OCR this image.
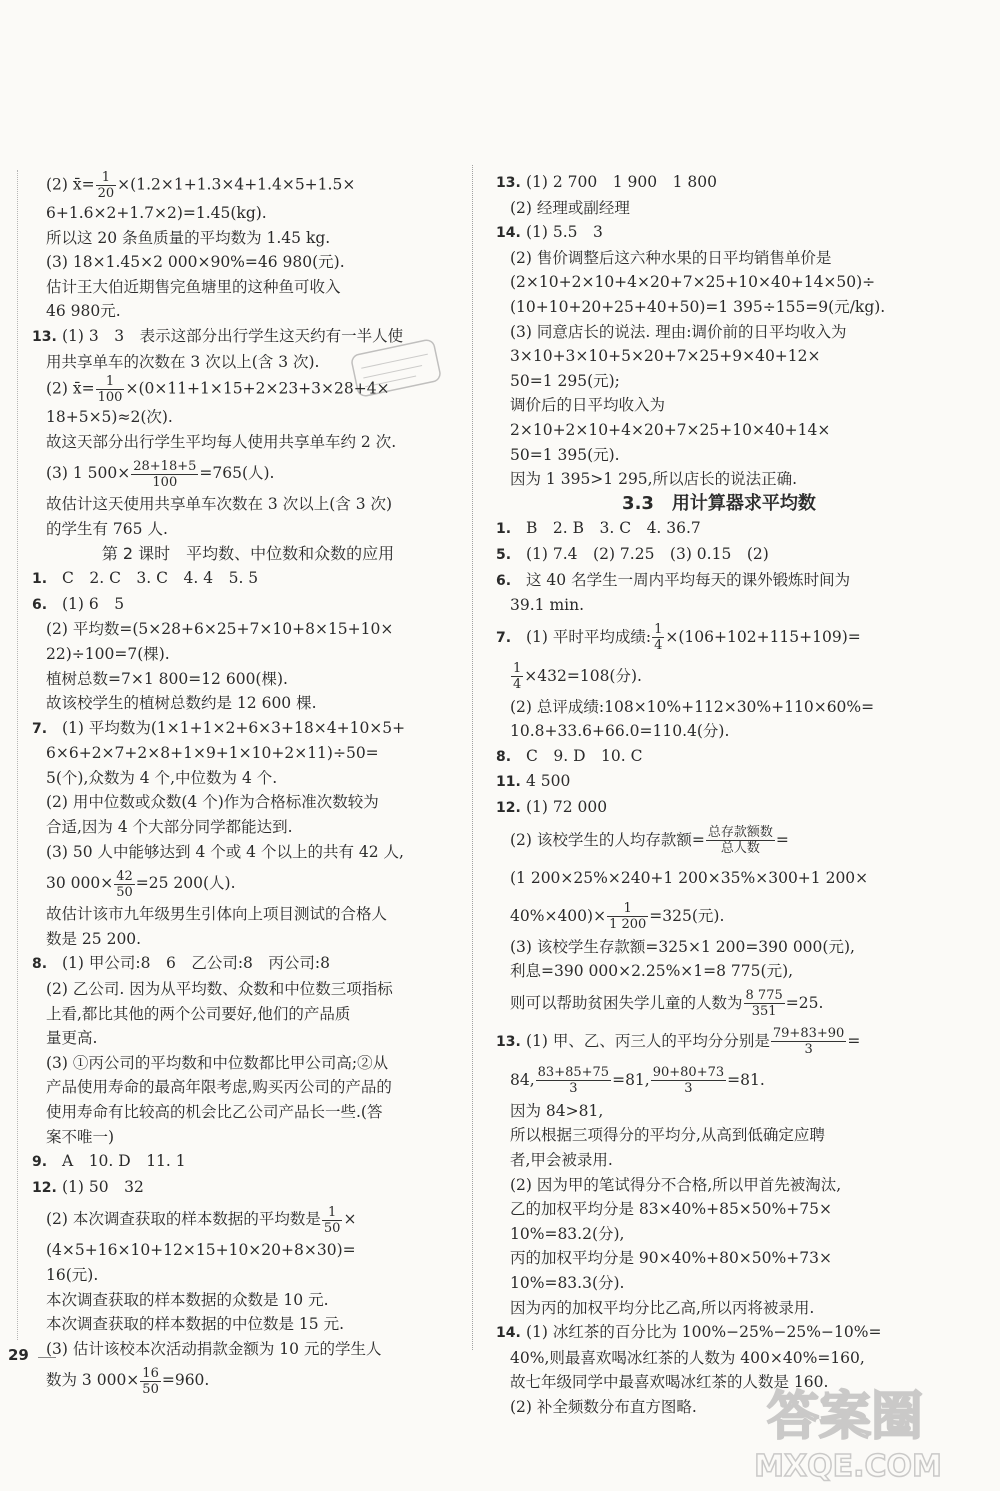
(2) x̄= $\frac{1}{20} \times(1.2\times 1+1.3\times 4+1.4\times 5+1.5\times$
6+1.6×2+1.7×2)=1.45(kg).
所以这 20 条鱼质量的平均数为 1.45 kg.
(3) 18×1.45×2 000×90%=46 980(元).
估计王大伯近期售完鱼塘里的这种鱼可收入
46 980元.
13. (1) 3　3　表示这部分出行学生这天约有一半人使
用共享单车的次数在 3 次以上(含 3 次).
(2) x̄= $\frac{1}{100} \times(0\times 11+1\times 15+2\times 23+3\times 28+4\times$
18+5×5)≈2(次).
故这天部分出行学生平均每人使用共享单车约 2 次.
(3) 1 $500\times \frac{28+18+5}{100} =765$(人).
故估计这天使用共享单车次数在 3 次以上(含 3 次)
的学生有 765 人.
第 2 课时　平均数、中位数和众数的应用
1. C　2. C　3. C　4. 4　5. 5
6. (1) 6　5
(2) 平均数=(5×28+6×25+7×10+8×15+10×
22)÷100=7(棵).
植树总数=7×1 800=12 600(棵).
故该校学生的植树总数约是 12 600 棵.
7. (1) 平均数为(1×1+1×2+6×3+18×4+10×5+
6×6+2×7+2×8+1×9+1×10+2×11)÷50=
5(个),众数为 4 个,中位数为 4 个.
(2) 用中位数或众数(4 个)作为合格标准次数较为
合适,因为 4 个大部分同学都能达到.
(3) 50 人中能够达到 4 个或 4 个以上的共有 42 人,
30 $000\times \frac{42}{50} =25$ 200(人).
故估计该市九年级男生引体向上项目测试的合格人
数是 25 200.
8. (1) 甲公司:8　6　乙公司:8　丙公司:8
(2) 乙公司. 因为从平均数、众数和中位数三项指标
上看,都比其他的两个公司要好,他们的产品质
量更高.
(3) ①丙公司的平均数和中位数都比甲公司高;②从
产品使用寿命的最高年限考虑,购买丙公司的产品的
使用寿命有比较高的机会比乙公司产品长一些.(答
案不唯一)
9. A　10. D　11. 1
12. (1) 50　32
(2) 本次调查获取的样本数据的平均数是 $\frac{1}{50}$ ×
(4×5+16×10+12×15+10×20+8×30)=
16(元).
本次调查获取的样本数据的众数是 10 元.
本次调查获取的样本数据的中位数是 15 元.
(3) 估计该校本次活动捐款金额为 10 元的学生人
数为 3 $000\times \frac{16}{50} =960$.
13. (1) 2 700　1 900　1 800
(2) 经理或副经理
14. (1) 5.5　3
(2) 售价调整后这六种水果的日平均销售单价是
(2×10+2×10+4×20+7×25+10×40+14×50)÷
(10+10+20+25+40+50)=1 395÷155=9(元/kg).
(3) 同意店长的说法. 理由:调价前的日平均收入为
3×10+3×10+5×20+7×25+9×40+12×
50=1 295(元);
调价后的日平均收入为
2×10+2×10+4×20+7×25+10×40+14×
50=1 395(元).
因为 1 395>1 295,所以店长的说法正确.
3.3　用计算器求平均数
1. B　2. B　3. C　4. 36.7
5. (1) 7.4　(2) 7.25　(3) 0.15　(2)
6. 这 40 名学生一周内平均每天的课外锻炼时间为
39.1 min.
7. (1) 平时平均成绩: $\frac{1}{4} \times(106+102+115+109)=$
$\frac{1}{4} \times 432=108$(分).
(2) 总评成绩:108×10%+112×30%+110×60%=
10.8+33.6+66.0=110.4(分).
8. C　9. D　10. C
11. 4 500
12. (1) 72 000
(2) 该校学生的人均存款额= $\frac{\text{总存款额数}}{\text{总人数}}$ =
(1 200×25%×240+1 200×35%×300+1 200×
$40\%\times 400)\times \frac{1}{1 200} =325$(元).
(3) 该校学生存款额=325×1 200=390 000(元),
利息=390 000×2.25%×1=8 775(元),
则可以帮助贫困失学儿童的人数为 $\frac{8 775}{351} =25$.
13. (1) 甲、乙、丙三人的平均分分别是 $\frac{79+83+90}{3}$ =
84, $\frac{83+85+75}{3} =81$, $\frac{90+80+73}{3} =81$.
因为 84>81,
所以根据三项得分的平均分,从高到低确定应聘
者,甲会被录用.
(2) 因为甲的笔试得分不合格,所以甲首先被淘汰,
乙的加权平均分是 83×40%+85×50%+75×
10%=83.2(分),
丙的加权平均分是 90×40%+80×50%+73×
10%=83.3(分).
因为丙的加权平均分比乙高,所以丙将被录用.
14. (1) 冰红茶的百分比为 100%−25%−25%−10%=
40%,则最喜欢喝冰红茶的人数为 400×40%=160,
故七年级同学中最喜欢喝冰红茶的人数是 160.
(2) 补全频数分布直方图略.
29
答案圈
MXQE.COM
